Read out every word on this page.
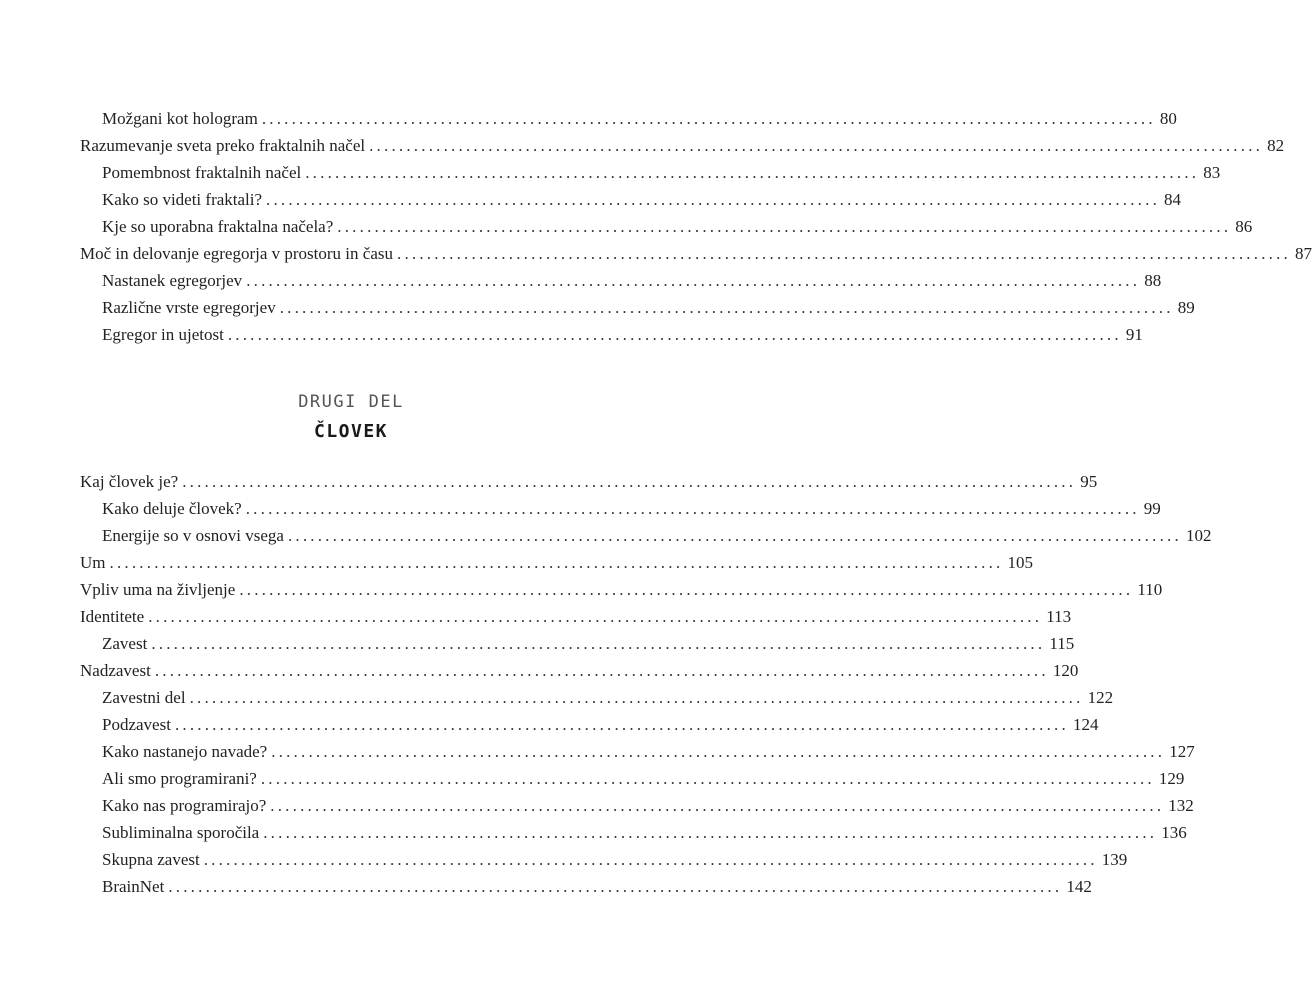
Možgani kot hologram ........................................................................................................................ 80
Razumevanje sveta preko fraktalnih načel ........................................................................................................................ 82
Pomembnost fraktalnih načel ........................................................................................................................ 83
Kako so videti fraktali? ........................................................................................................................ 84
Kje so uporabna fraktalna načela? ........................................................................................................................ 86
Moč in delovanje egregorja v prostoru in času ........................................................................................................................ 87
Nastanek egregorjev ........................................................................................................................ 88
Različne vrste egregorjev ........................................................................................................................ 89
Egregor in ujetost ........................................................................................................................ 91
DRUGI DEL
ČLOVEK
Kaj človek je? ........................................................................................................................ 95
Kako deluje človek? ........................................................................................................................ 99
Energije so v osnovi vsega ........................................................................................................................ 102
Um ........................................................................................................................ 105
Vpliv uma na življenje ........................................................................................................................ 110
Identitete ........................................................................................................................ 113
Zavest ........................................................................................................................ 115
Nadzavest ........................................................................................................................ 120
Zavestni del ........................................................................................................................ 122
Podzavest ........................................................................................................................ 124
Kako nastanejo navade? ........................................................................................................................ 127
Ali smo programirani? ........................................................................................................................ 129
Kako nas programirajo? ........................................................................................................................ 132
Subliminalna sporočila ........................................................................................................................ 136
Skupna zavest ........................................................................................................................ 139
BrainNet ........................................................................................................................ 142
